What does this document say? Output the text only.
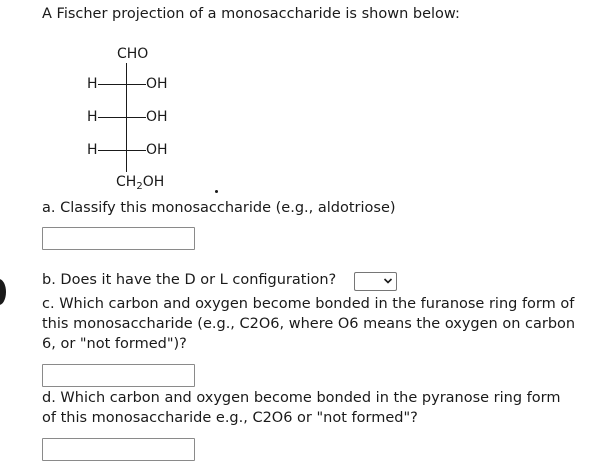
A Fischer projection of a monosaccharide is shown below:
CHO
H	OH
H	OH
H	OH
$CH_2OH$
a. Classify this monosaccharide (e.g., aldotriose)
b. Does it have the D or L configuration?
c. Which carbon and oxygen become bonded in the furanose ring form of this monosaccharide (e.g., C2O6, where O6 means the oxygen on carbon 6, or "not formed")?
d. Which carbon and oxygen become bonded in the pyranose ring form of this monosaccharide e.g., C2O6 or "not formed"?
